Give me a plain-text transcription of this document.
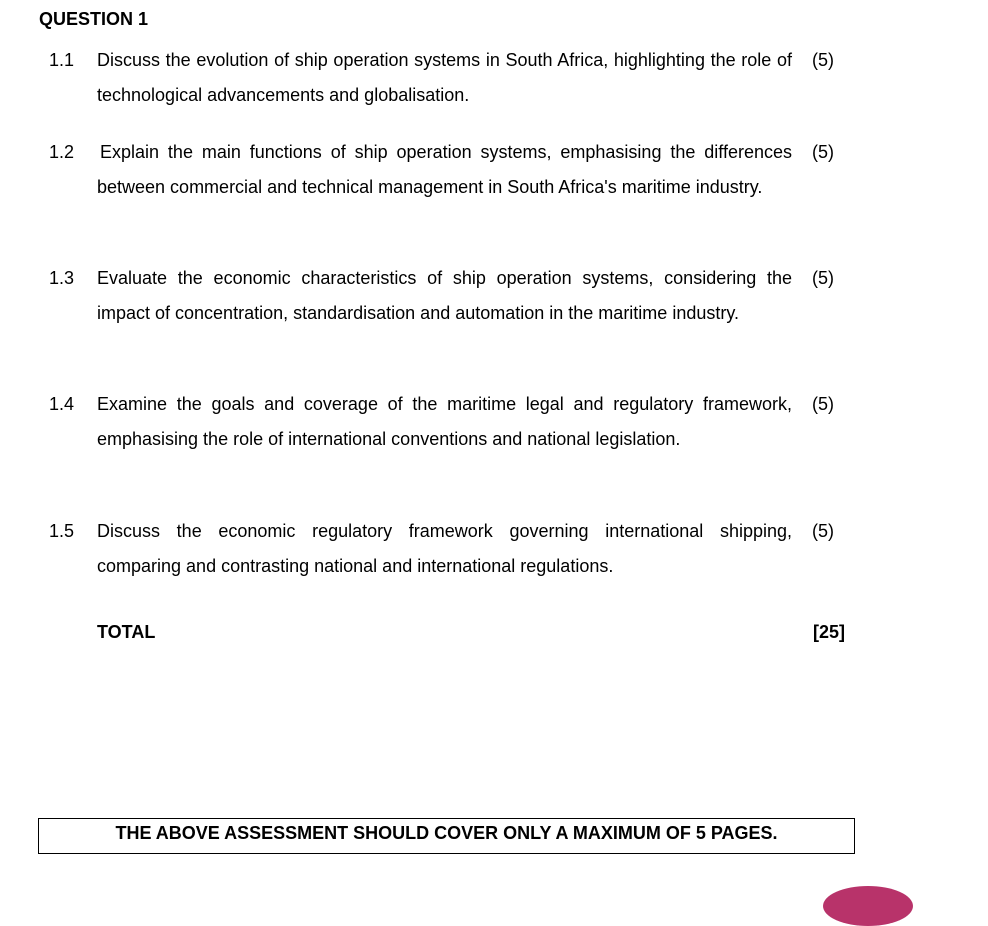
QUESTION 1
1.1 Discuss the evolution of ship operation systems in South Africa, highlighting the role of technological advancements and globalisation.
(5)
1.2 Explain the main functions of ship operation systems, emphasising the differences between commercial and technical management in South Africa's maritime industry.
(5)
1.3 Evaluate the economic characteristics of ship operation systems, considering the impact of concentration, standardisation and automation in the maritime industry.
(5)
1.4 Examine the goals and coverage of the maritime legal and regulatory framework, emphasising the role of international conventions and national legislation.
(5)
1.5 Discuss the economic regulatory framework governing international shipping, comparing and contrasting national and international regulations.
(5)
TOTAL	[25]
THE ABOVE ASSESSMENT SHOULD COVER ONLY A MAXIMUM OF 5 PAGES.
